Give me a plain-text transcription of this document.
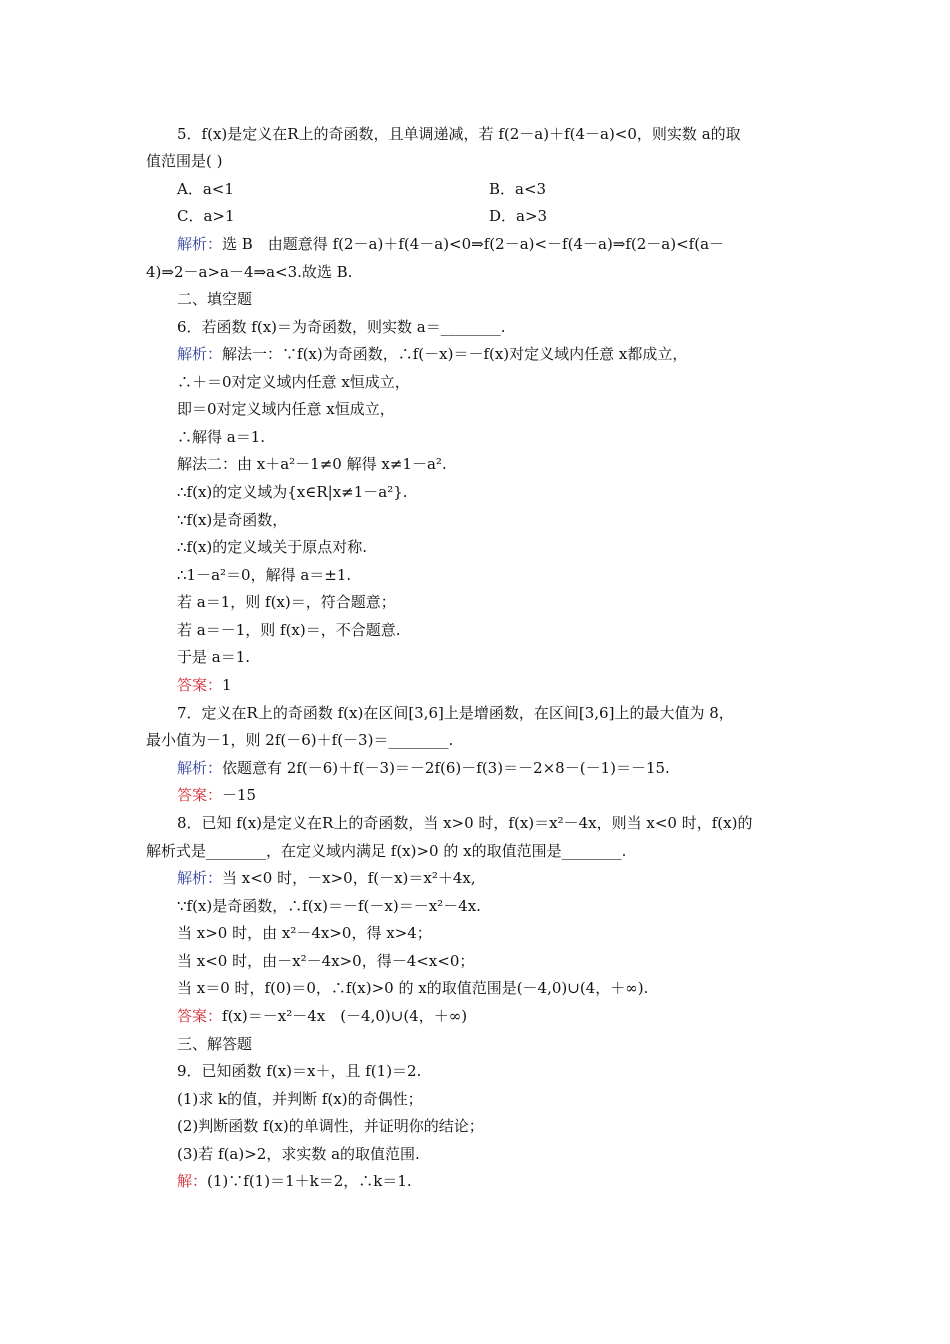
5．f(x)是定义在R上的奇函数，且单调递减，若 f(2－a)＋f(4－a)<0，则实数 a的取
值范围是( )
A．a<1	B．a<3
C．a>1	D．a>3
解析：选 B　由题意得 f(2－a)＋f(4－a)<0⇒f(2－a)<－f(4－a)⇒f(2－a)<f(a－
4)⇒2－a>a－4⇒a<3.故选 B.
二、填空题
6．若函数 f(x)＝为奇函数，则实数 a＝________.
解析：解法一：∵f(x)为奇函数，∴f(－x)＝－f(x)对定义域内任意 x都成立，
∴＋＝0对定义域内任意 x恒成立，
即＝0对定义域内任意 x恒成立，
∴解得 a＝1.
解法二：由 x＋a²－1≠0 解得 x≠1－a².
∴f(x)的定义域为{x∈R|x≠1－a²}.
∵f(x)是奇函数，
∴f(x)的定义域关于原点对称.
∴1－a²＝0，解得 a＝±1.
若 a＝1，则 f(x)＝，符合题意；
若 a＝－1，则 f(x)＝，不合题意.
于是 a＝1.
答案：1
7．定义在R上的奇函数 f(x)在区间[3,6]上是增函数，在区间[3,6]上的最大值为 8，
最小值为－1，则 2f(－6)＋f(－3)＝________.
解析：依题意有 2f(－6)＋f(－3)＝－2f(6)－f(3)＝－2×8－(－1)＝－15.
答案：－15
8．已知 f(x)是定义在R上的奇函数，当 x>0 时，f(x)＝x²－4x，则当 x<0 时，f(x)的
解析式是________，在定义域内满足 f(x)>0 的 x的取值范围是________.
解析：当 x<0 时，－x>0，f(－x)＝x²＋4x,
∵f(x)是奇函数，∴f(x)＝－f(－x)＝－x²－4x.
当 x>0 时，由 x²－4x>0，得 x>4；
当 x<0 时，由－x²－4x>0，得－4<x<0；
当 x＝0 时，f(0)＝0，∴f(x)>0 的 x的取值范围是(－4,0)∪(4，＋∞).
答案：f(x)＝－x²－4x　(－4,0)∪(4，＋∞)
三、解答题
9．已知函数 f(x)＝x＋，且 f(1)＝2.
(1)求 k的值，并判断 f(x)的奇偶性；
(2)判断函数 f(x)的单调性，并证明你的结论；
(3)若 f(a)>2，求实数 a的取值范围.
解：(1)∵f(1)＝1＋k＝2，∴k＝1.
